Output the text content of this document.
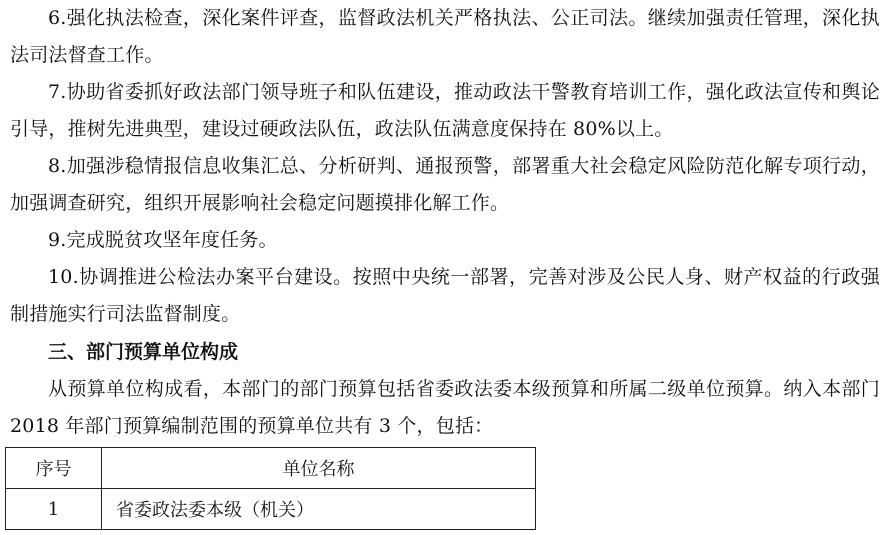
6.强化执法检查，深化案件评查，监督政法机关严格执法、公正司法。继续加强责任管理，深化执法司法督查工作。

7.协助省委抓好政法部门领导班子和队伍建设，推动政法干警教育培训工作，强化政法宣传和舆论引导，推树先进典型，建设过硬政法队伍，政法队伍满意度保持在 80%以上。

8.加强涉稳情报信息收集汇总、分析研判、通报预警，部署重大社会稳定风险防范化解专项行动，加强调查研究，组织开展影响社会稳定问题摸排化解工作。

9.完成脱贫攻坚年度任务。

10.协调推进公检法办案平台建设。按照中央统一部署，完善对涉及公民人身、财产权益的行政强制措施实行司法监督制度。

三、部门预算单位构成

从预算单位构成看，本部门的部门预算包括省委政法委本级预算和所属二级单位预算。纳入本部门 2018 年部门预算编制范围的预算单位共有 3 个，包括：

序号	单位名称
1	省委政法委本级（机关）
